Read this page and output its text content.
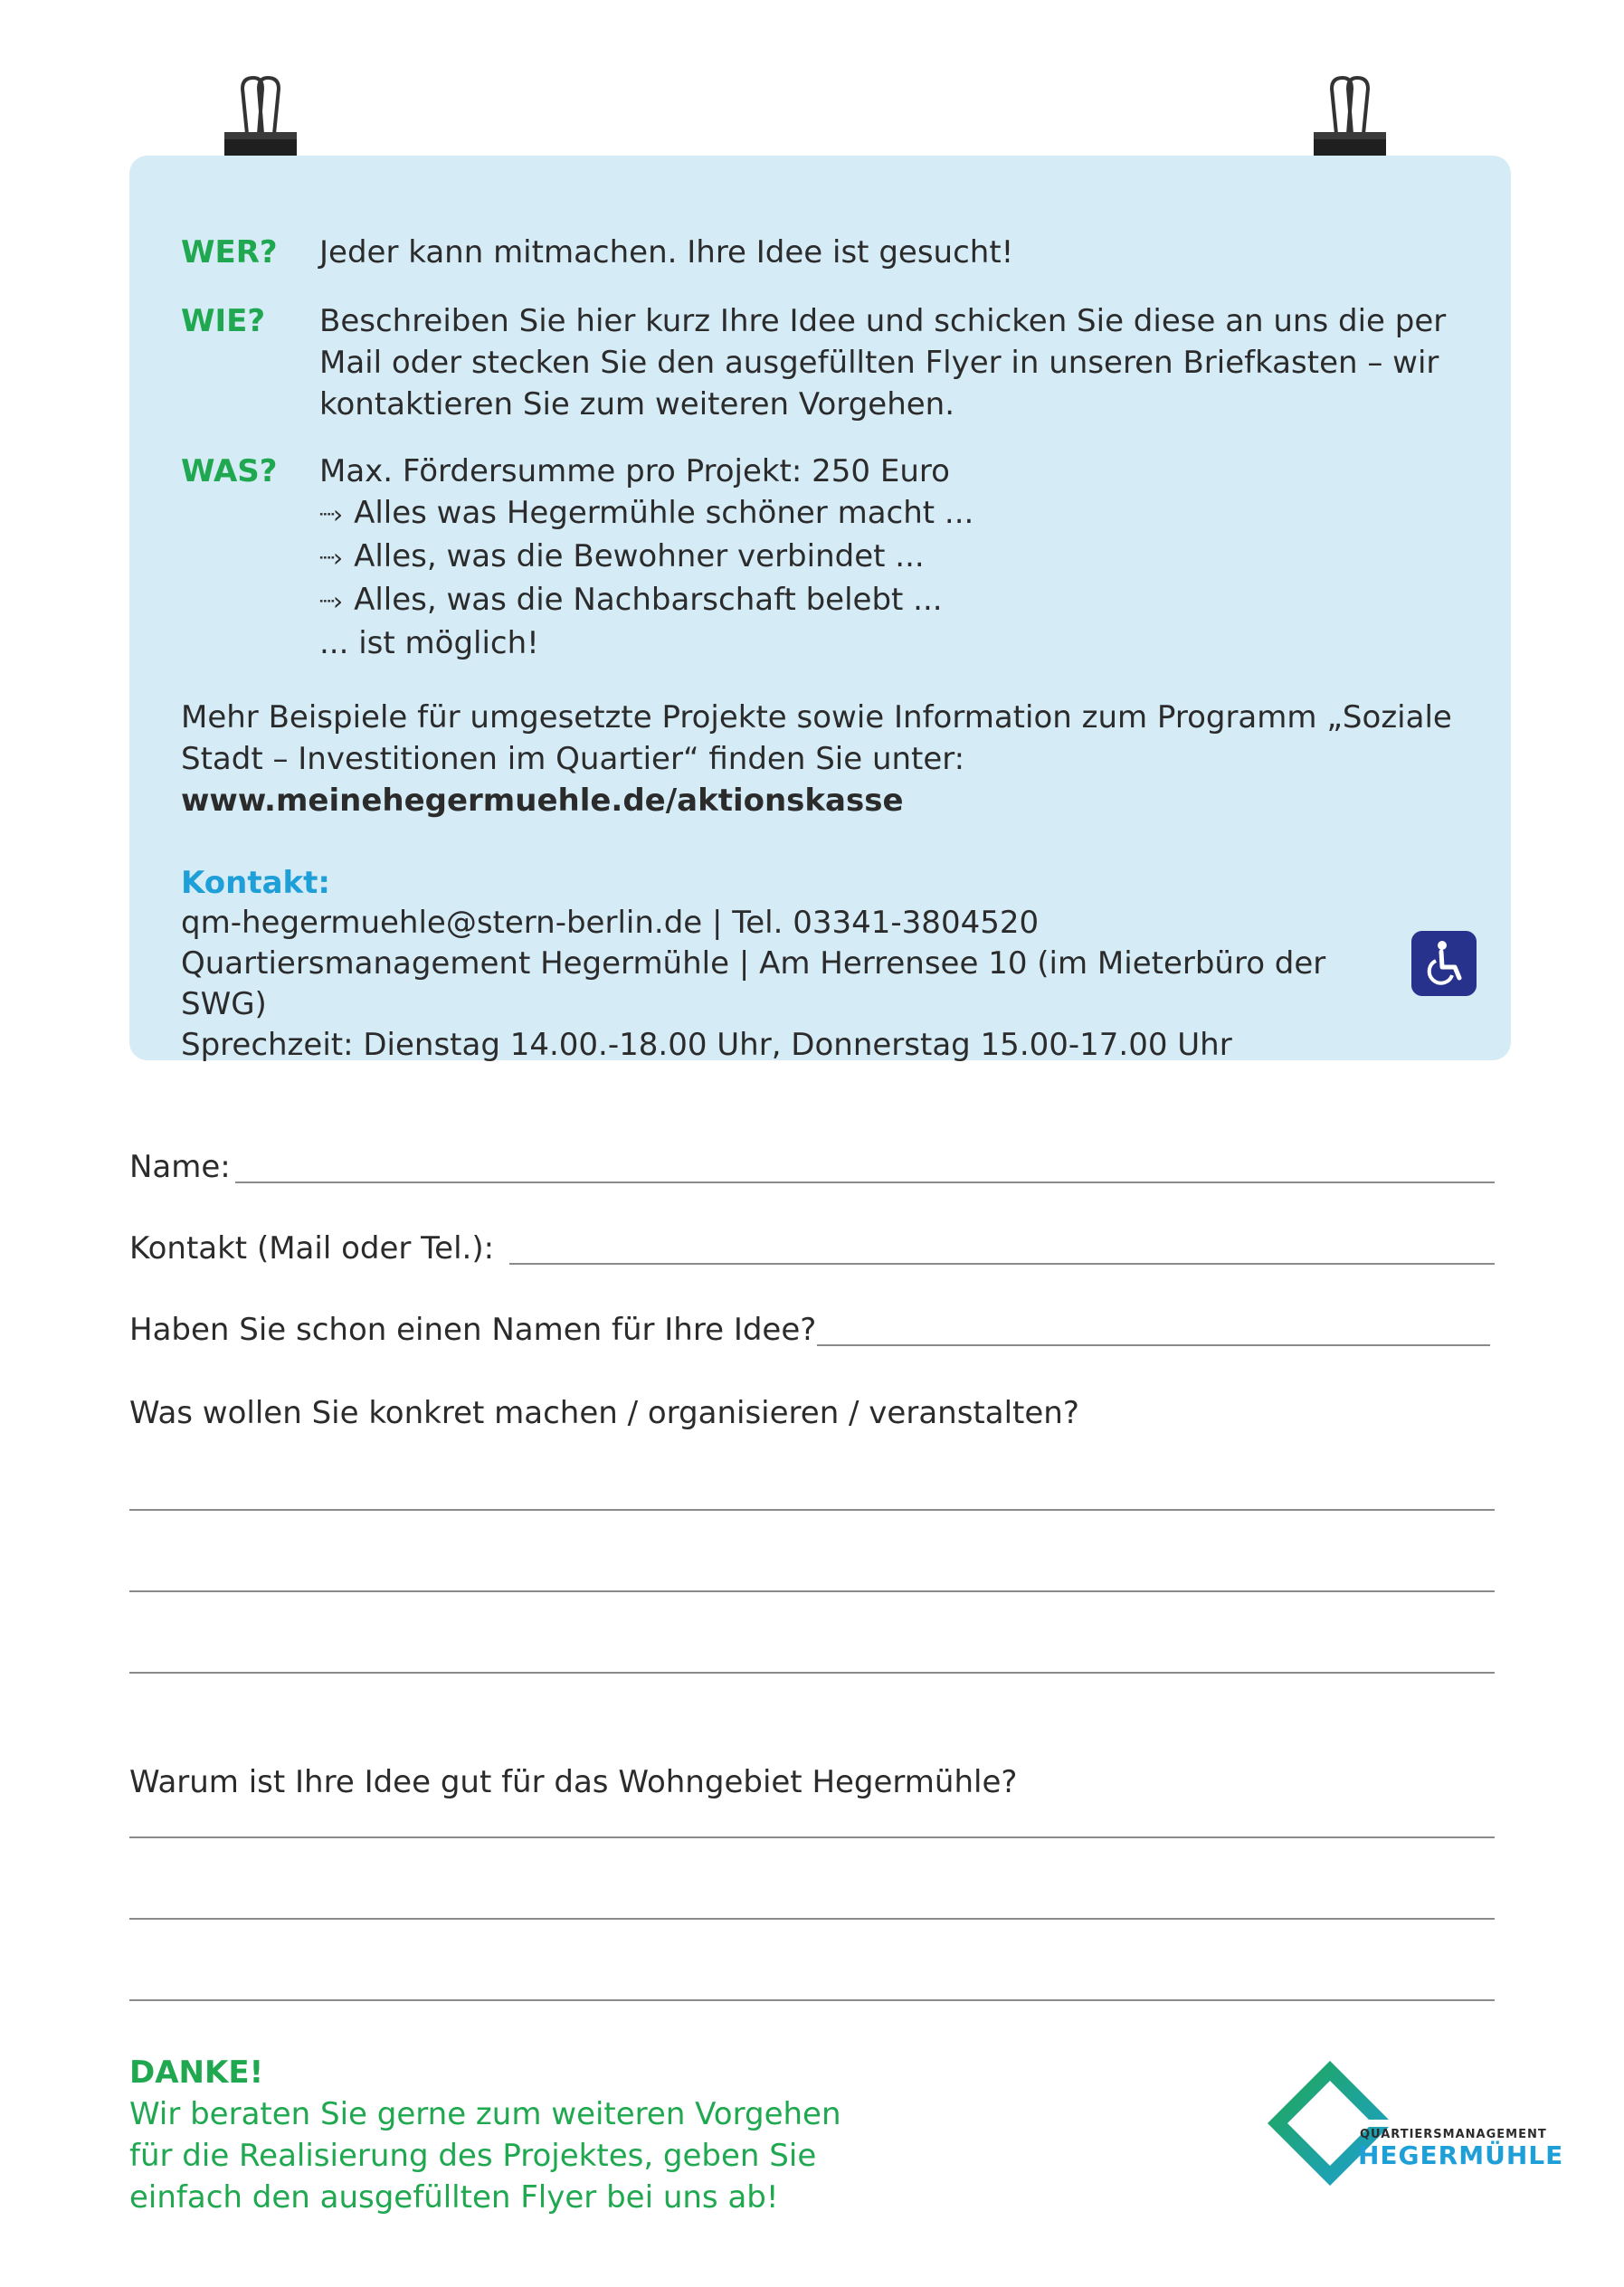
WER?	Jeder kann mitmachen. Ihre Idee ist gesucht!
WIE?	Beschreiben Sie hier kurz Ihre Idee und schicken Sie diese an uns die per Mail oder stecken Sie den ausgefüllten Flyer in unseren Briefkasten – wir kontaktieren Sie zum weiteren Vorgehen.
WAS?	Max. Fördersumme pro Projekt: 250 Euro
┈› Alles was Hegermühle schöner macht ...
┈› Alles, was die Bewohner verbindet ...
┈› Alles, was die Nachbarschaft belebt ...
... ist möglich!
Mehr Beispiele für umgesetzte Projekte sowie Information zum Programm „Soziale Stadt – Investitionen im Quartier“ finden Sie unter:
www.meinehegermuehle.de/aktionskasse
Kontakt:
qm-hegermuehle@stern-berlin.de | Tel. 03341-3804520
Quartiersmanagement Hegermühle | Am Herrensee 10 (im Mieterbüro der SWG)
Sprechzeit: Dienstag 14.00.-18.00 Uhr, Donnerstag 15.00-17.00 Uhr
Name:
Kontakt (Mail oder Tel.):
Haben Sie schon einen Namen für Ihre Idee?
Was wollen Sie konkret machen / organisieren / veranstalten?
Warum ist Ihre Idee gut für das Wohngebiet Hegermühle?
DANKE!
Wir beraten Sie gerne zum weiteren Vorgehen
für die Realisierung des Projektes, geben Sie
einfach den ausgefüllten Flyer bei uns ab!
QUARTIERSMANAGEMENT
HEGERMÜHLE
